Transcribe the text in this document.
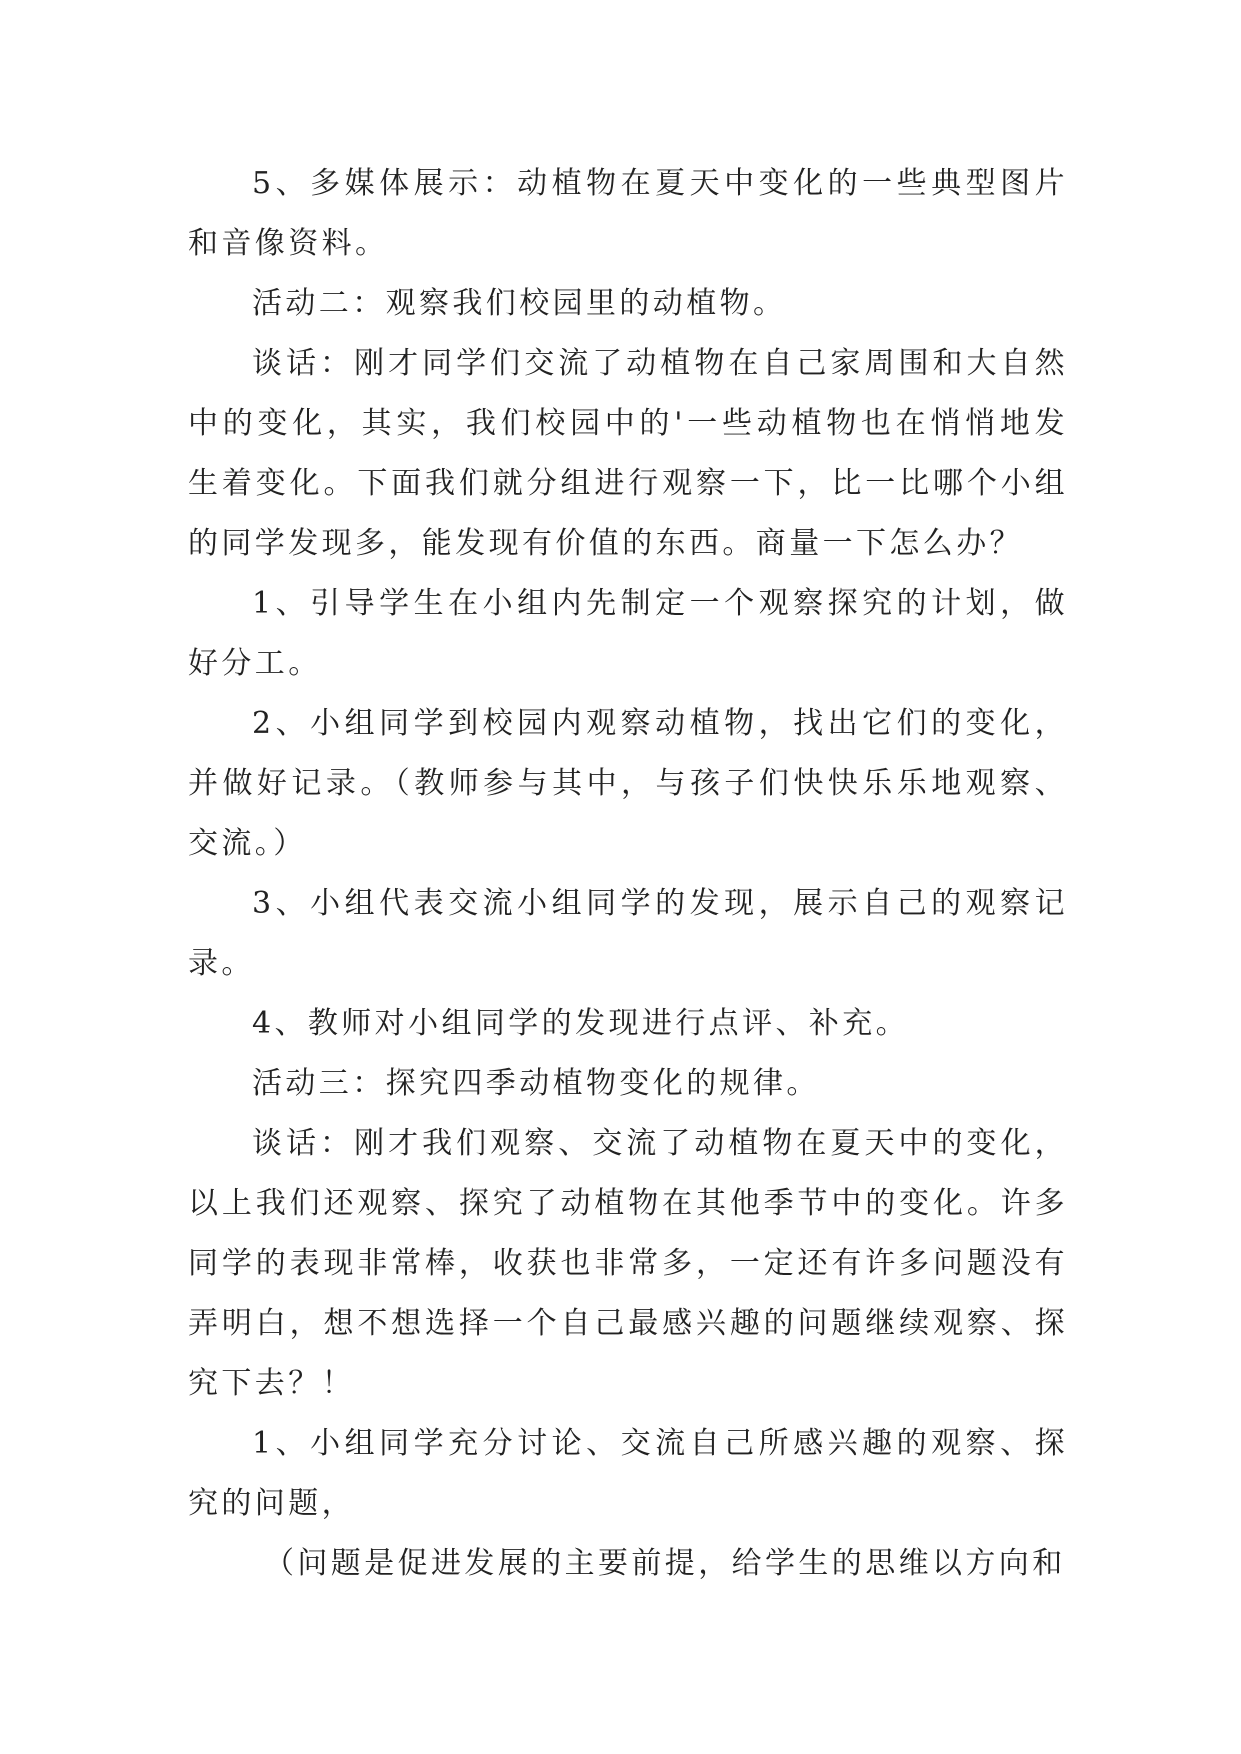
5、多媒体展示：动植物在夏天中变化的一些典型图片和音像资料。

活动二：观察我们校园里的动植物。

谈话：刚才同学们交流了动植物在自己家周围和大自然中的变化，其实，我们校园中的'一些动植物也在悄悄地发生着变化。下面我们就分组进行观察一下，比一比哪个小组的同学发现多，能发现有价值的东西。商量一下怎么办？

1、引导学生在小组内先制定一个观察探究的计划，做好分工。

2、小组同学到校园内观察动植物，找出它们的变化，并做好记录。（教师参与其中，与孩子们快快乐乐地观察、交流。）

3、小组代表交流小组同学的发现，展示自己的观察记录。

4、教师对小组同学的发现进行点评、补充。

活动三：探究四季动植物变化的规律。

谈话：刚才我们观察、交流了动植物在夏天中的变化，以上我们还观察、探究了动植物在其他季节中的变化。许多同学的表现非常棒，收获也非常多，一定还有许多问题没有弄明白，想不想选择一个自己最感兴趣的问题继续观察、探究下去？！

1、小组同学充分讨论、交流自己所感兴趣的观察、探究的问题，

（问题是促进发展的主要前提，给学生的思维以方向和
